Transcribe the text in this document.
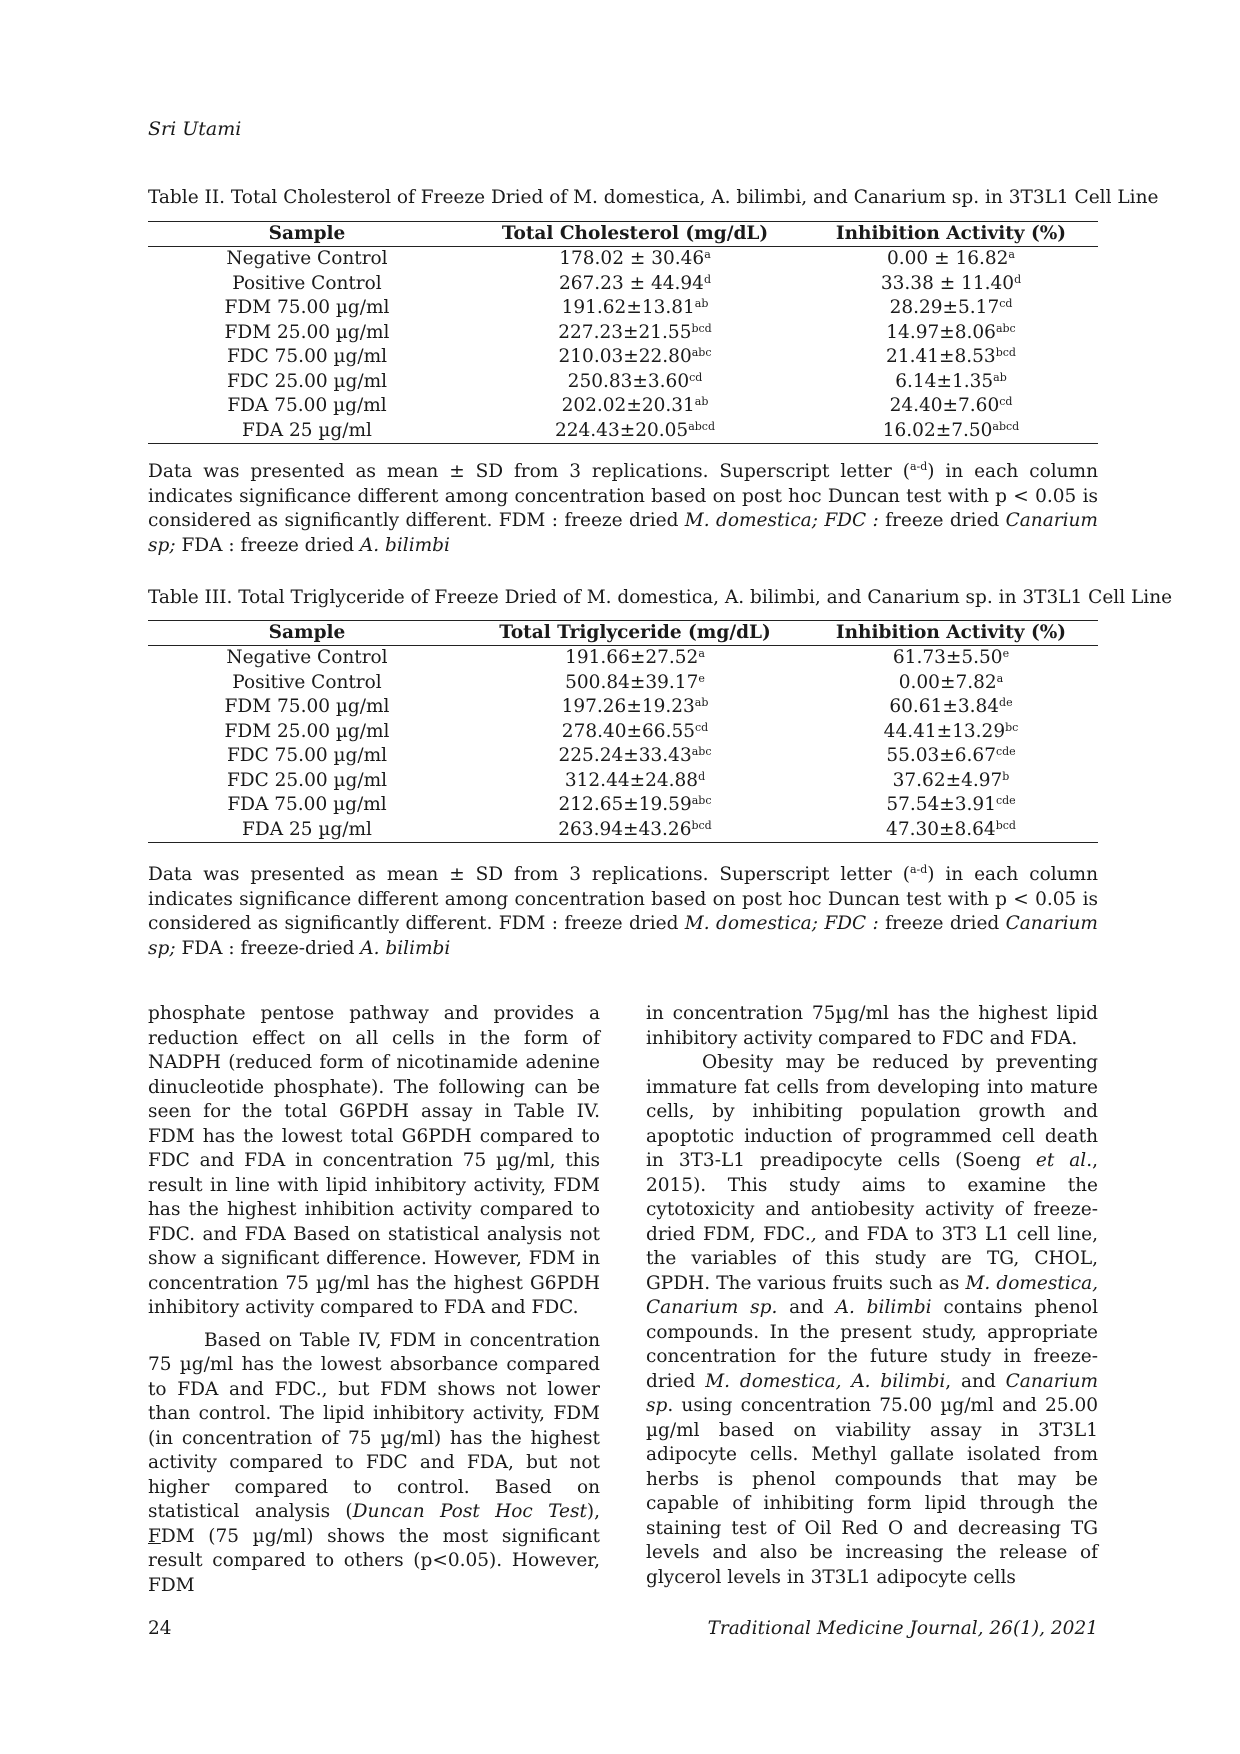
Sri Utami
Table II. Total Cholesterol of Freeze Dried of M. domestica, A. bilimbi, and Canarium sp. in 3T3L1 Cell Line
Sample	Total Cholesterol (mg/dL)	Inhibition Activity (%)
Negative Control	178.02 ± 30.46$^a$	0.00 ± 16.82$^a$
Positive Control	267.23 ± 44.94$^d$	33.38 ± 11.40$^d$
FDM 75.00 µg/ml	191.62±13.81$^{ab}$	28.29±5.17$^{cd}$
FDM 25.00 µg/ml	227.23±21.55$^{bcd}$	14.97±8.06$^{abc}$
FDC 75.00 µg/ml	210.03±22.80$^{abc}$	21.41±8.53$^{bcd}$
FDC 25.00 µg/ml	250.83±3.60$^{cd}$	6.14±1.35$^{ab}$
FDA 75.00 µg/ml	202.02±20.31$^{ab}$	24.40±7.60$^{cd}$
FDA 25 µg/ml	$224.43\pm 20.05^{abcd}$	$16.02\pm 7.50^{abcd}$

Data was presented as mean ± SD from 3 replications. Superscript letter ($^{a-d}$) in each column indicates significance different among concentration based on post hoc Duncan test with p < 0.05 is considered as significantly different. FDM : freeze dried M. domestica; FDC : freeze dried Canarium sp; FDA : freeze dried A. bilimbi

Table III. Total Triglyceride of Freeze Dried of M. domestica, A. bilimbi, and Canarium sp. in 3T3L1 Cell Line
Sample	Total Triglyceride (mg/dL)	Inhibition Activity (%)
Negative Control	191.66±27.52$^a$	61.73±5.50$^e$
Positive Control	500.84±39.17$^e$	0.00±7.82$^a$
FDM 75.00 µg/ml	197.26±19.23$^{ab}$	60.61±3.84de
FDM 25.00 µg/ml	278.40±66.55$^{cd}$	44.41±13.29$^{bc}$
FDC 75.00 µg/ml	225.24±33.43$^{abc}$	55.03±6.67$^{cde}$
FDC 25.00 µg/ml	312.44±24.88$^d$	37.62±4.97$^b$
FDA 75.00 µg/ml	212.65±19.59$^{abc}$	57.54±3.91$^{cde}$
FDA 25 µg/ml	263.94±43.26$^{bcd}$	47.30±8.64$^{bcd}$

Data was presented as mean ± SD from 3 replications. Superscript letter ($^{a-d}$) in each column indicates significance different among concentration based on post hoc Duncan test with p < 0.05 is considered as significantly different. FDM : freeze dried M. domestica; FDC : freeze dried Canarium sp; FDA : freeze-dried A. bilimbi

phosphate pentose pathway and provides a reduction effect on all cells in the form of NADPH (reduced form of nicotinamide adenine dinucleotide phosphate). The following can be seen for the total G6PDH assay in Table IV. FDM has the lowest total G6PDH compared to FDC and FDA in concentration 75 µg/ml, this result in line with lipid inhibitory activity, FDM has the highest inhibition activity compared to FDC. and FDA Based on statistical analysis not show a significant difference. However, FDM in concentration 75 µg/ml has the highest G6PDH inhibitory activity compared to FDA and FDC.

Based on Table IV, FDM in concentration 75 µg/ml has the lowest absorbance compared to FDA and FDC., but FDM shows not lower than control. The lipid inhibitory activity, FDM (in concentration of 75 µg/ml) has the highest activity compared to FDC and FDA, but not higher compared to control. Based on statistical analysis (Duncan Post Hoc Test), FDM (75 µg/ml) shows the most significant result compared to others (p<0.05). However, FDM

in concentration 75µg/ml has the highest lipid inhibitory activity compared to FDC and FDA.

Obesity may be reduced by preventing immature fat cells from developing into mature cells, by inhibiting population growth and apoptotic induction of programmed cell death in 3T3-L1 preadipocyte cells (Soeng et al., 2015). This study aims to examine the cytotoxicity and antiobesity activity of freeze-dried FDM, FDC., and FDA to 3T3 L1 cell line, the variables of this study are TG, CHOL, GPDH. The various fruits such as M. domestica, Canarium sp. and A. bilimbi contains phenol compounds. In the present study, appropriate concentration for the future study in freeze-dried M. domestica, A. bilimbi, and Canarium sp. using concentration 75.00 µg/ml and 25.00 µg/ml based on viability assay in 3T3L1 adipocyte cells. Methyl gallate isolated from herbs is phenol compounds that may be capable of inhibiting form lipid through the staining test of Oil Red O and decreasing TG levels and also be increasing the release of glycerol levels in 3T3L1 adipocyte cells

24	Traditional Medicine Journal, 26(1), 2021
